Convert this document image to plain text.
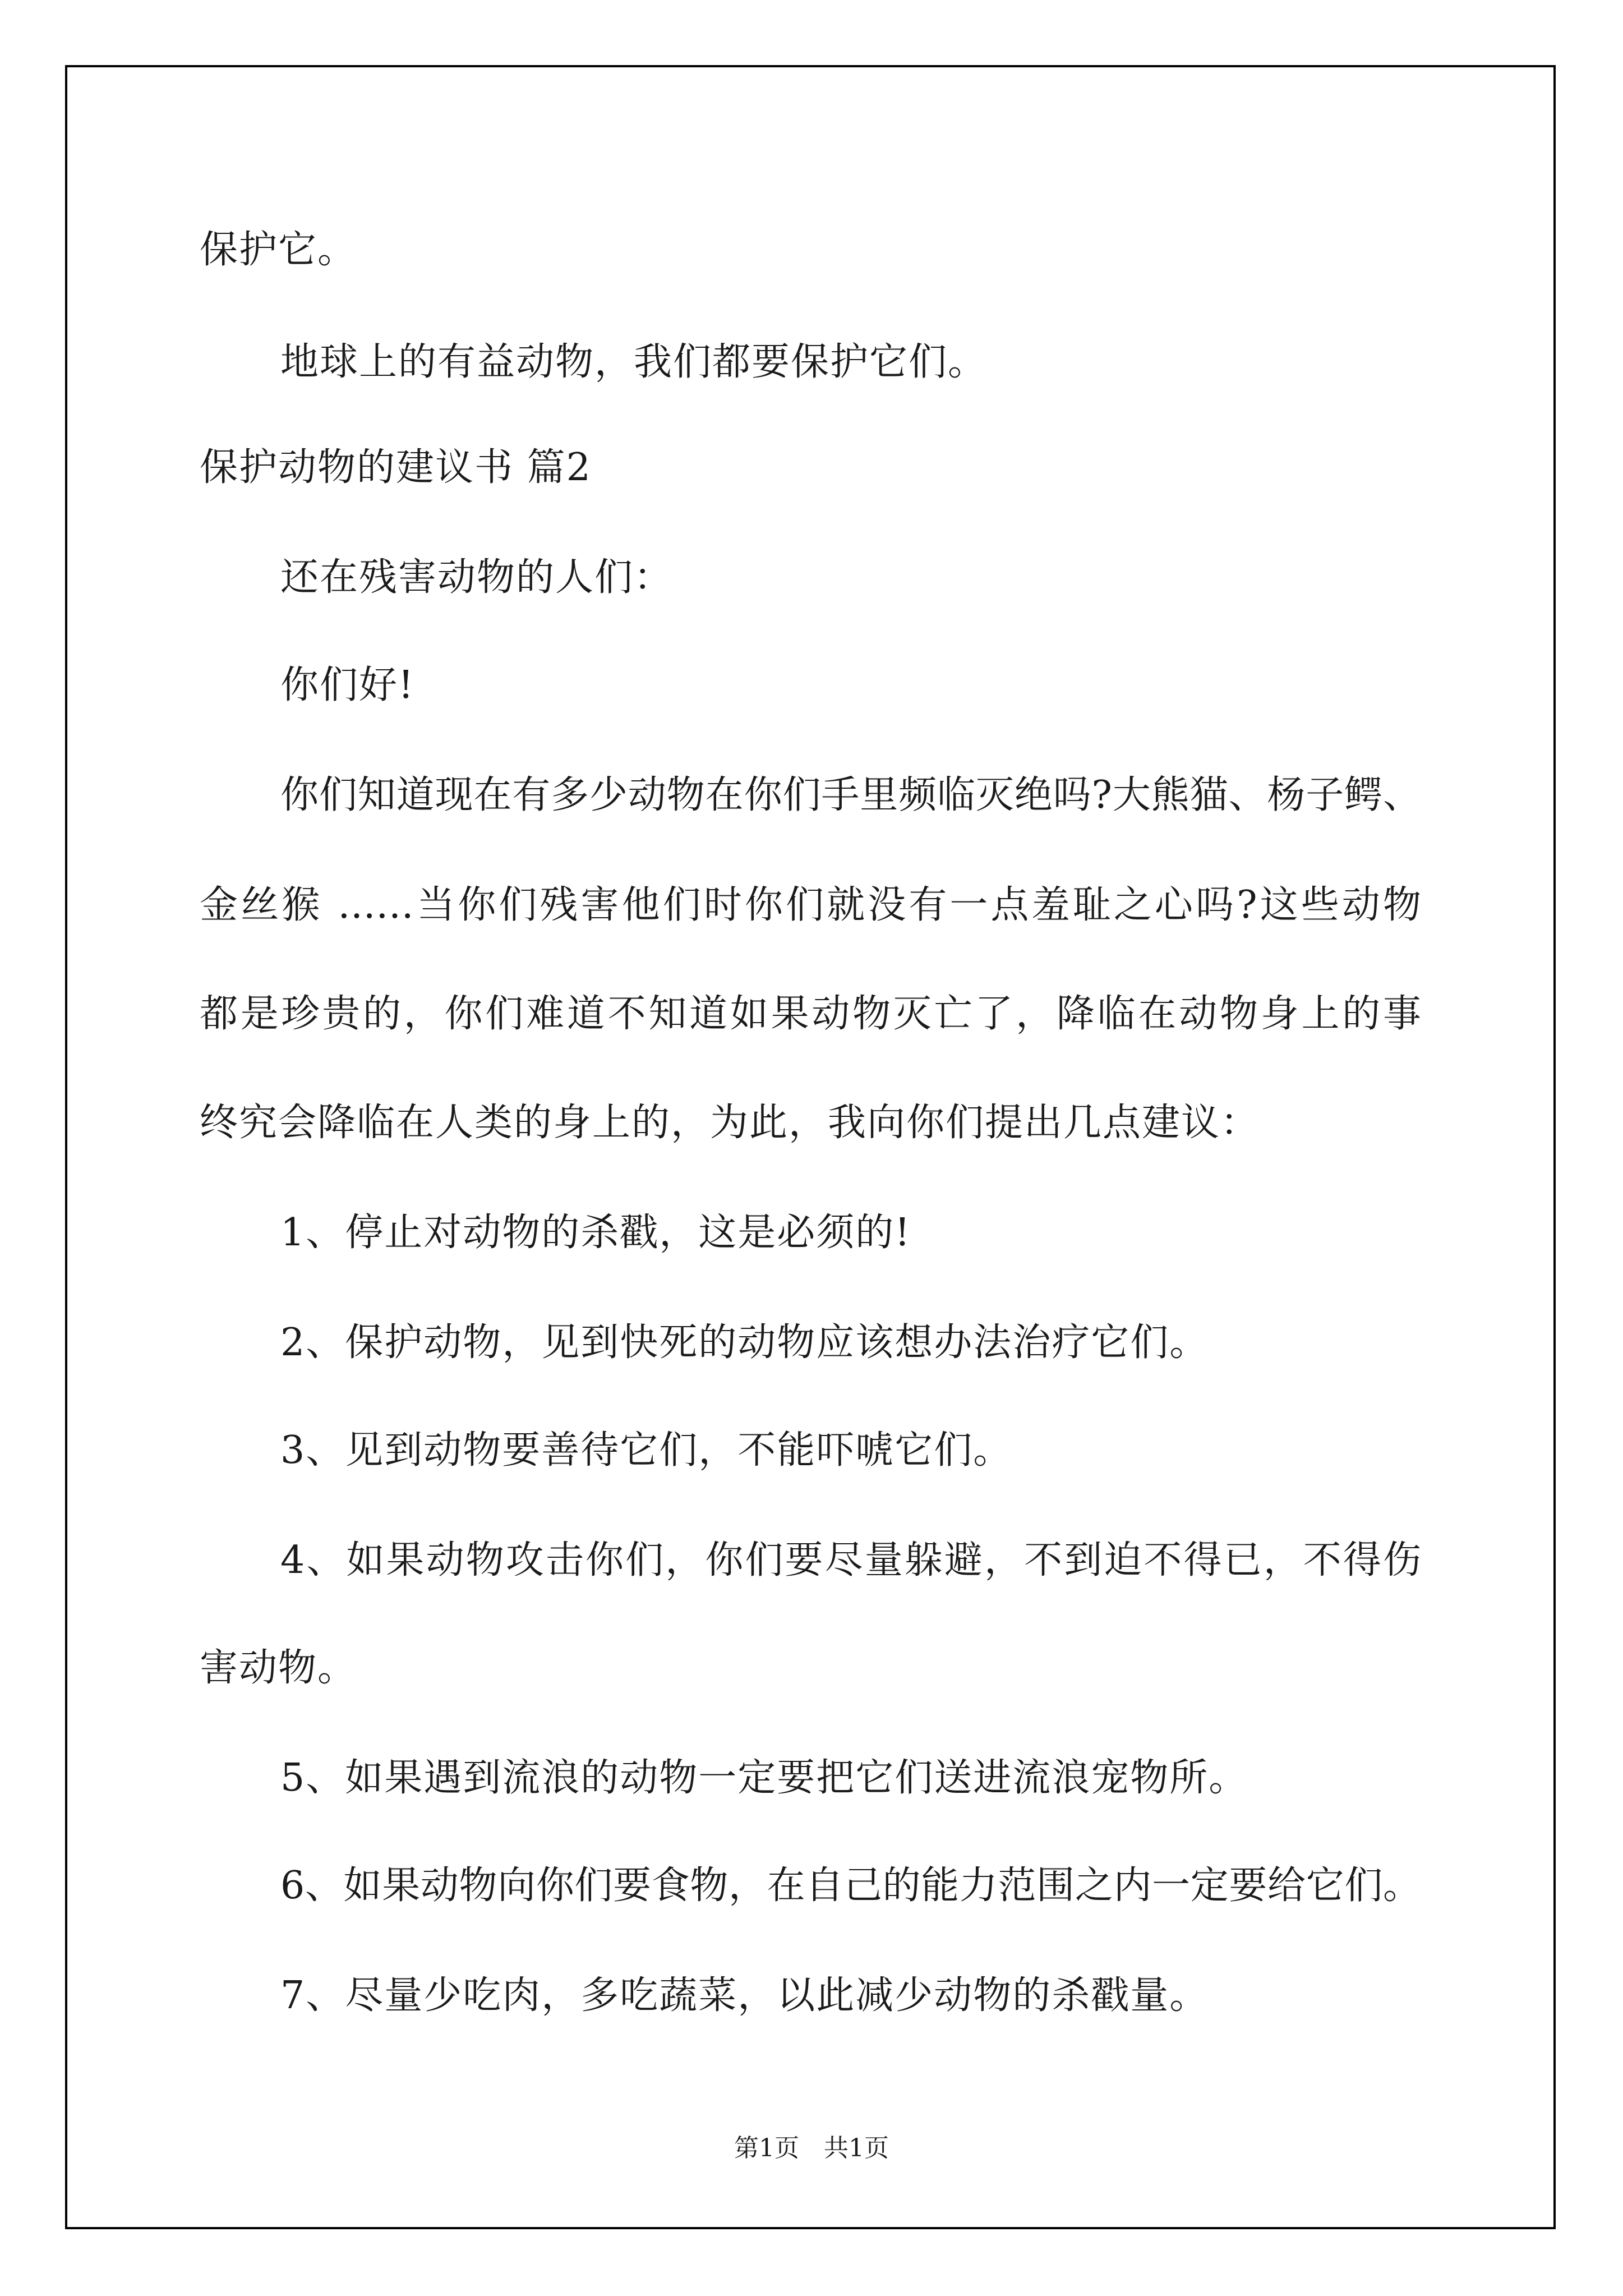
保护它。
地球上的有益动物，我们都要保护它们。
保护动物的建议书 篇2
还在残害动物的人们：
你们好!
你们知道现在有多少动物在你们手里频临灭绝吗?大熊猫、杨子鳄、
金丝猴 ……当你们残害他们时你们就没有一点羞耻之心吗?这些动物
都是珍贵的，你们难道不知道如果动物灭亡了，降临在动物身上的事
终究会降临在人类的身上的，为此，我向你们提出几点建议：
1、停止对动物的杀戳，这是必须的!
2、保护动物，见到快死的动物应该想办法治疗它们。
3、见到动物要善待它们，不能吓唬它们。
4、如果动物攻击你们，你们要尽量躲避，不到迫不得已，不得伤
害动物。
5、如果遇到流浪的动物一定要把它们送进流浪宠物所。
6、如果动物向你们要食物，在自己的能力范围之内一定要给它们。
7、尽量少吃肉，多吃蔬菜，以此减少动物的杀戳量。
第1页　共1页
